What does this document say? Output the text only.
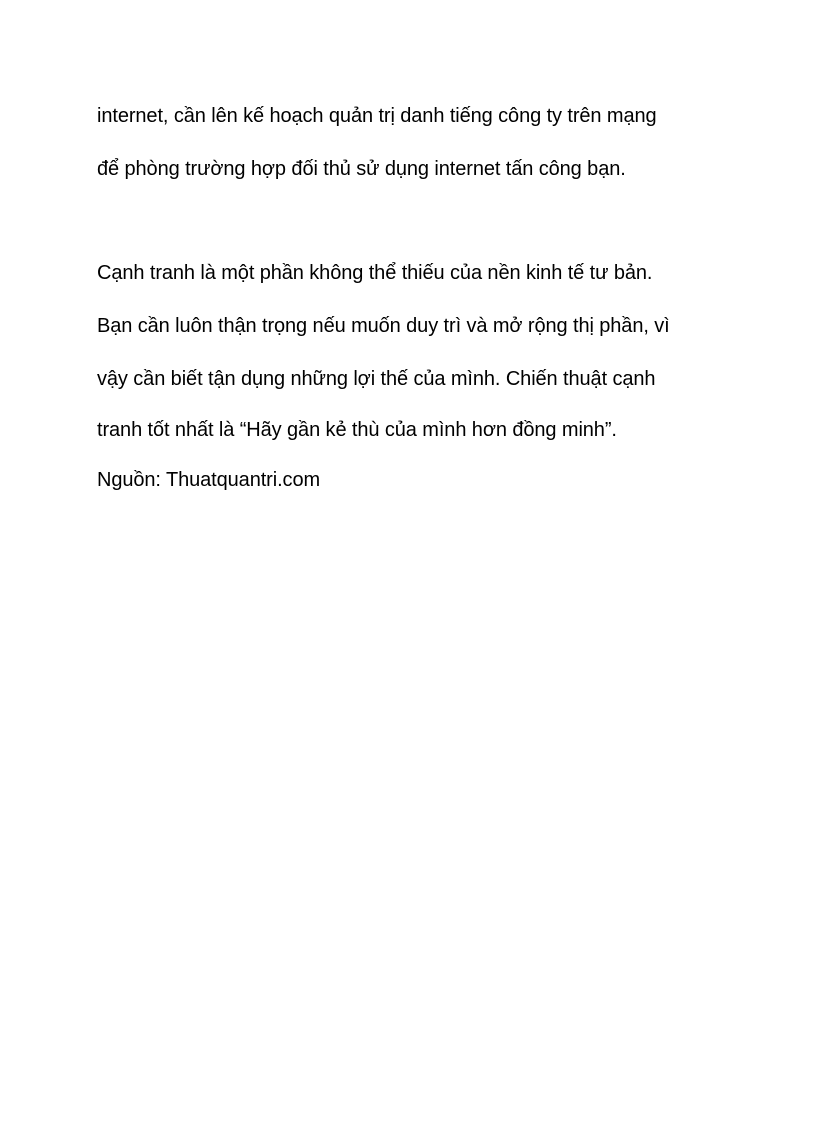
internet, cần lên kế hoạch quản trị danh tiếng công ty trên mạng
để phòng trường hợp đối thủ sử dụng internet tấn công bạn.
Cạnh tranh là một phần không thể thiếu của nền kinh tế tư bản.
Bạn cần luôn thận trọng nếu muốn duy trì và mở rộng thị phần, vì
vậy cần biết tận dụng những lợi thế của mình. Chiến thuật cạnh
tranh tốt nhất là “Hãy gần kẻ thù của mình hơn đồng minh”.
Nguồn: Thuatquantri.com
